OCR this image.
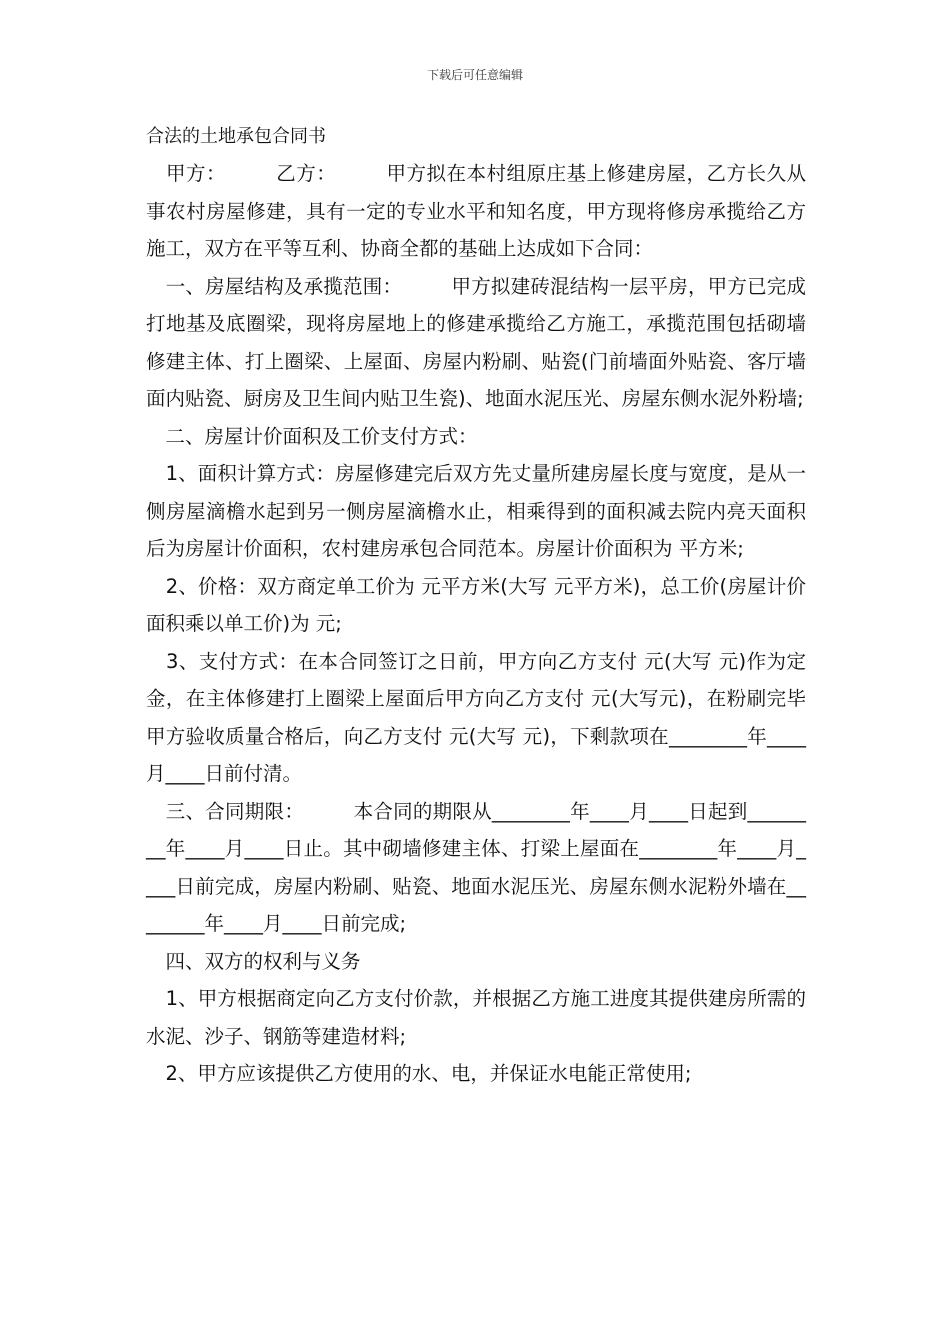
下载后可任意编辑

合法的土地承包合同书

　甲方：　　　乙方：　　　甲方拟在本村组原庄基上修建房屋，乙方长久从事农村房屋修建，具有一定的专业水平和知名度，甲方现将修房承揽给乙方施工，双方在平等互利、协商全都的基础上达成如下合同：

　一、房屋结构及承揽范围：　　　甲方拟建砖混结构一层平房，甲方已完成打地基及底圈梁，现将房屋地上的修建承揽给乙方施工，承揽范围包括砌墙修建主体、打上圈梁、上屋面、房屋内粉刷、贴瓷(门前墙面外贴瓷、客厅墙面内贴瓷、厨房及卫生间内贴卫生瓷)、地面水泥压光、房屋东侧水泥外粉墙;

　二、房屋计价面积及工价支付方式：

　1、面积计算方式：房屋修建完后双方先丈量所建房屋长度与宽度，是从一侧房屋滴檐水起到另一侧房屋滴檐水止，相乘得到的面积减去院内亮天面积后为房屋计价面积，农村建房承包合同范本。房屋计价面积为 平方米;

　2、价格：双方商定单工价为 元平方米(大写 元平方米)，总工价(房屋计价面积乘以单工价)为 元;

　3、支付方式：在本合同签订之日前，甲方向乙方支付 元(大写 元)作为定金，在主体修建打上圈梁上屋面后甲方向乙方支付 元(大写元)，在粉刷完毕甲方验收质量合格后，向乙方支付 元(大写 元)，下剩款项在________年____月____日前付清。

　三、合同期限：　　　本合同的期限从________年____月____日起到________年____月____日止。其中砌墙修建主体、打梁上屋面在________年____月____日前完成，房屋内粉刷、贴瓷、地面水泥压光、房屋东侧水泥粉外墙在________年____月____日前完成;

　四、双方的权利与义务

　1、甲方根据商定向乙方支付价款，并根据乙方施工进度其提供建房所需的水泥、沙子、钢筋等建造材料;

　2、甲方应该提供乙方使用的水、电，并保证水电能正常使用;
